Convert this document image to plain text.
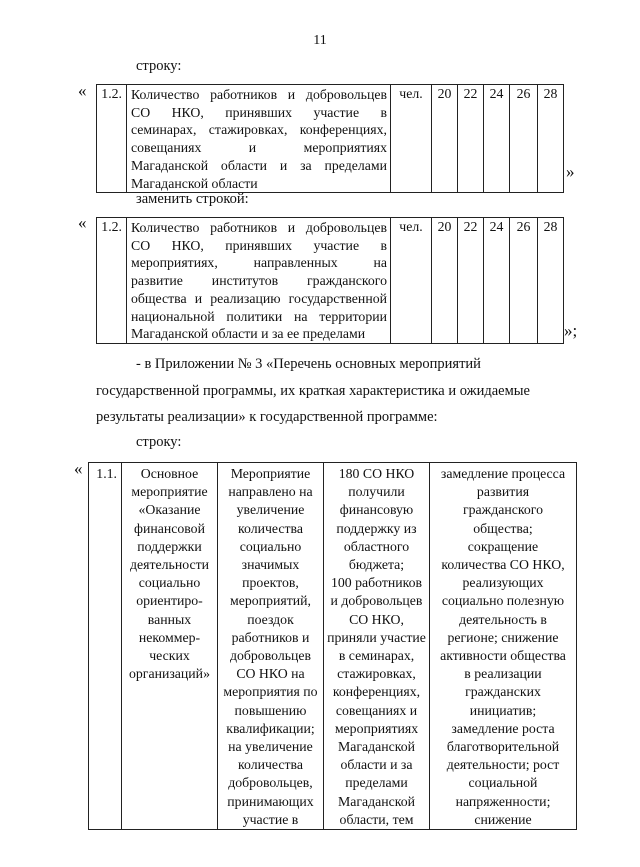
11
строку:
« 1.2.	Количество работников и добровольцев
СО НКО, принявших участие в
семинарах, стажировках, конференциях,
совещаниях и мероприятиях
Магаданской области и за пределами
Магаданской области
	чел.	20	22	24	26	28
»
заменить строкой:
« 1.2.	Количество работников и добровольцев
СО НКО, принявших участие в
мероприятиях, направленных на
развитие институтов гражданского
общества и реализацию государственной
национальной политики на территории
Магаданской области и за ее пределами
	чел.	20	22	24	26	28
»;
- в Приложении № 3 «Перечень основных мероприятий
государственной программы, их краткая характеристика и ожидаемые
результаты реализации» к государственной программе:
строку:
« 1.1.	Основное
мероприятие
«Оказание
финансовой
поддержки
деятельности
социально
ориентиро-
ванных
некоммер-
ческих
организаций»

Мероприятие
направлено на
увеличение
количества
социально
значимых
проектов,
мероприятий,
поездок
работников и
добровольцев
СО НКО на
мероприятия по
повышению
квалификации;
на увеличение
количества
добровольцев,
принимающих
участие в

180 СО НКО
получили
финансовую
поддержку из
областного
бюджета;
100 работников
и добровольцев
СО НКО,
приняли участие
в семинарах,
стажировках,
конференциях,
совещаниях и
мероприятиях
Магаданской
области и за
пределами
Магаданской
области, тем

замедление процесса
развития
гражданского
общества;
сокращение
количества СО НКО,
реализующих
социально полезную
деятельность в
регионе; снижение
активности общества
в реализации
гражданских
инициатив;
замедление роста
благотворительной
деятельности; рост
социальной
напряженности;
снижение
